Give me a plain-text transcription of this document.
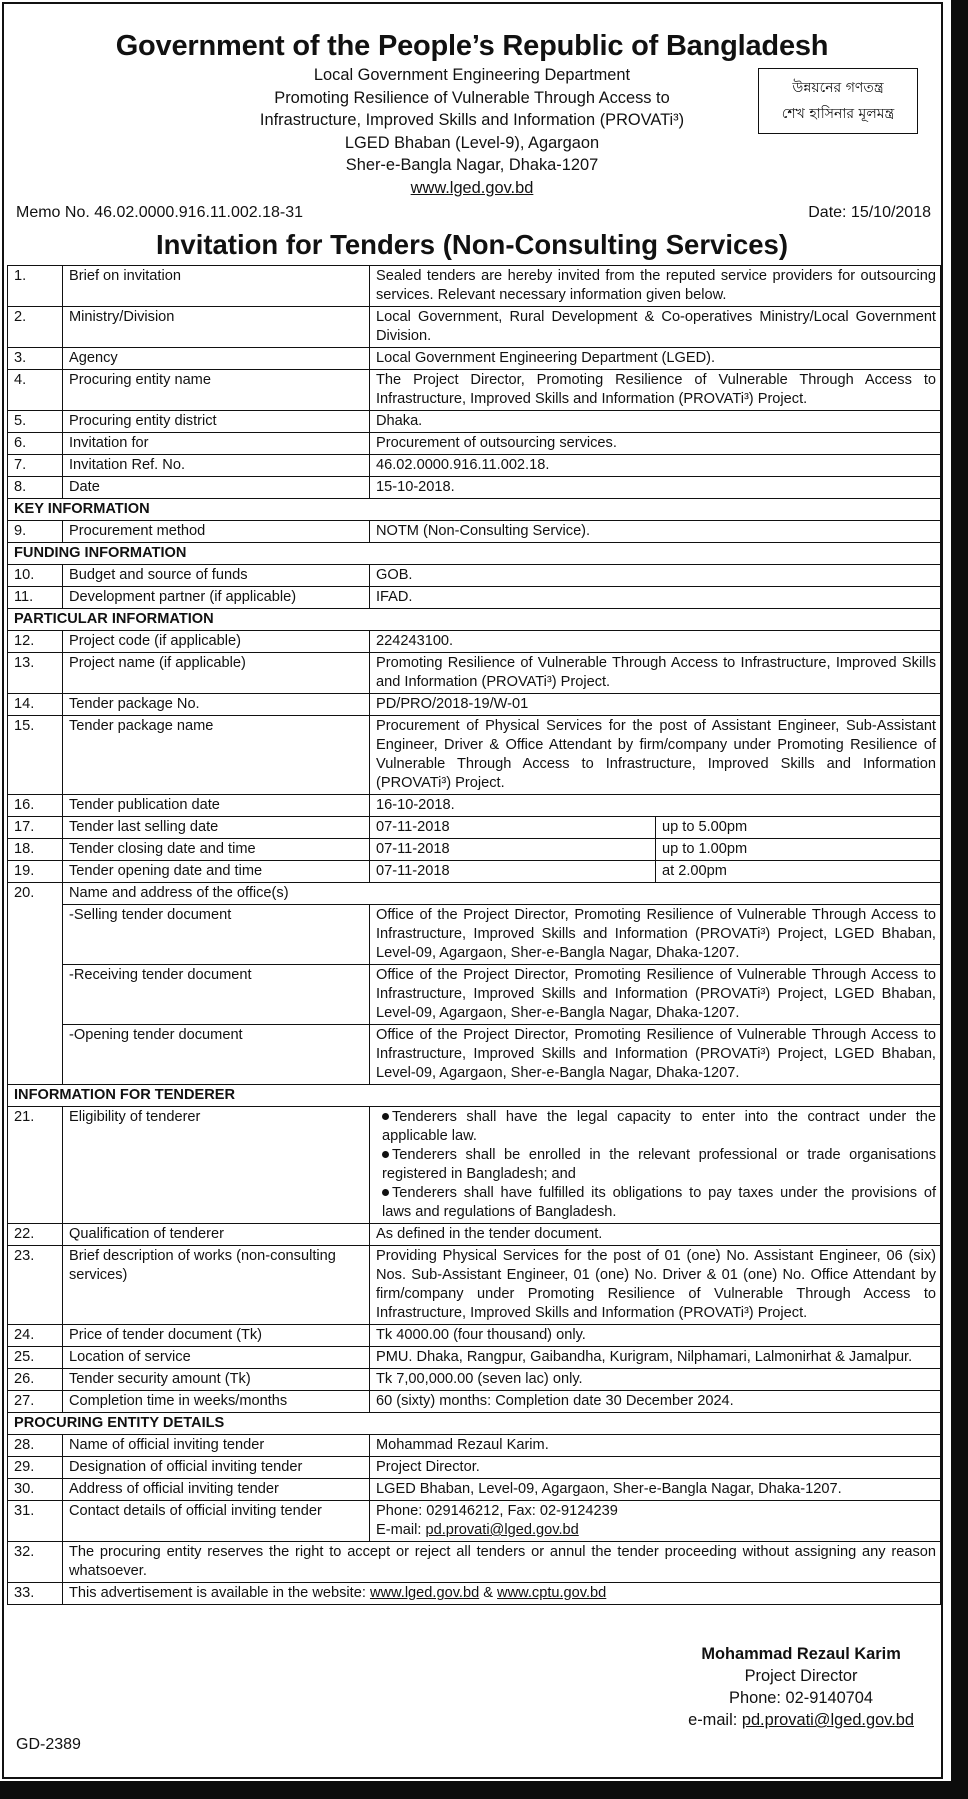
Government of the People’s Republic of Bangladesh
Local Government Engineering Department
Promoting Resilience of Vulnerable Through Access to
Infrastructure, Improved Skills and Information (PROVATi³)
LGED Bhaban (Level-9), Agargaon
Sher-e-Bangla Nagar, Dhaka-1207
www.lged.gov.bd
উন্নয়নের গণতন্ত্র
শেখ হাসিনার মূলমন্ত্র
Memo No. 46.02.0000.916.11.002.18-31	Date: 15/10/2018
Invitation for Tenders (Non-Consulting Services)
1.	Brief on invitation	Sealed tenders are hereby invited from the reputed service providers for outsourcing services. Relevant necessary information given below.	
2.	Ministry/Division	Local Government, Rural Development & Co-operatives Ministry/Local Government Division.	
3.	Agency	Local Government Engineering Department (LGED).	
4.	Procuring entity name	The Project Director, Promoting Resilience of Vulnerable Through Access to Infrastructure, Improved Skills and Information (PROVATi³) Project.	
5.	Procuring entity district	Dhaka.	
6.	Invitation for	Procurement of outsourcing services.	
7.	Invitation Ref. No.	46.02.0000.916.11.002.18.	
8.	Date	15-10-2018.	
KEY INFORMATION			
9.	Procurement method	NOTM (Non-Consulting Service).	
FUNDING INFORMATION			
10.	Budget and source of funds	GOB.	
11.	Development partner (if applicable)	IFAD.	
PARTICULAR INFORMATION			
12.	Project code (if applicable)	224243100.	
13.	Project name (if applicable)	Promoting Resilience of Vulnerable Through Access to Infrastructure, Improved Skills and Information (PROVATi³) Project.	
14.	Tender package No.	PD/PRO/2018-19/W-01	
15.	Tender package name	Procurement of Physical Services for the post of Assistant Engineer, Sub-Assistant Engineer, Driver & Office Attendant by firm/company under Promoting Resilience of Vulnerable Through Access to Infrastructure, Improved Skills and Information (PROVATi³) Project.	
16.	Tender publication date	16-10-2018.	
17.	Tender last selling date	07-11-2018	up to 5.00pm
18.	Tender closing date and time	07-11-2018	up to 1.00pm
19.	Tender opening date and time	07-11-2018	at 2.00pm
20.	Name and address of the office(s)		
	-Selling tender document	Office of the Project Director, Promoting Resilience of Vulnerable Through Access to Infrastructure, Improved Skills and Information (PROVATi³) Project, LGED Bhaban, Level-09, Agargaon, Sher-e-Bangla Nagar, Dhaka-1207.	
	-Receiving tender document	Office of the Project Director, Promoting Resilience of Vulnerable Through Access to Infrastructure, Improved Skills and Information (PROVATi³) Project, LGED Bhaban, Level-09, Agargaon, Sher-e-Bangla Nagar, Dhaka-1207.	
	-Opening tender document	Office of the Project Director, Promoting Resilience of Vulnerable Through Access to Infrastructure, Improved Skills and Information (PROVATi³) Project, LGED Bhaban, Level-09, Agargaon, Sher-e-Bangla Nagar, Dhaka-1207.	
INFORMATION FOR TENDERER			
21.	Eligibility of tenderer	Tenderers shall have the legal capacity to enter into the contract under the applicable law.
Tenderers shall be enrolled in the relevant professional or trade organisations registered in Bangladesh; and
Tenderers shall have fulfilled its obligations to pay taxes under the provisions of laws and regulations of Bangladesh.	

22.	Qualification of tenderer	As defined in the tender document.	
23.	Brief description of works (non-consulting services)	Providing Physical Services for the post of 01 (one) No. Assistant Engineer, 06 (six) Nos. Sub-Assistant Engineer, 01 (one) No. Driver & 01 (one) No. Office Attendant by firm/company under Promoting Resilience of Vulnerable Through Access to Infrastructure, Improved Skills and Information (PROVATi³) Project.	
24.	Price of tender document (Tk)	Tk 4000.00 (four thousand) only.	
25.	Location of service	PMU. Dhaka, Rangpur, Gaibandha, Kurigram, Nilphamari, Lalmonirhat & Jamalpur.	
26.	Tender security amount (Tk)	Tk 7,00,000.00 (seven lac) only.	
27.	Completion time in weeks/months	60 (sixty) months: Completion date 30 December 2024.	
PROCURING ENTITY DETAILS			
28.	Name of official inviting tender	Mohammad Rezaul Karim.	
29.	Designation of official inviting tender	Project Director.	
30.	Address of official inviting tender	LGED Bhaban, Level-09, Agargaon, Sher-e-Bangla Nagar, Dhaka-1207.	
31.	Contact details of official inviting tender	Phone: 029146212, Fax: 02-9124239
E-mail: pd.provati@lged.gov.bd	

32.	The procuring entity reserves the right to accept or reject all tenders or annul the tender proceeding without assigning any reason whatsoever.		
33.	This advertisement is available in the website: www.lged.gov.bd & www.cptu.gov.bd		
Mohammad Rezaul Karim
Project Director
Phone: 02-9140704
e-mail: pd.provati@lged.gov.bd
GD-2389
